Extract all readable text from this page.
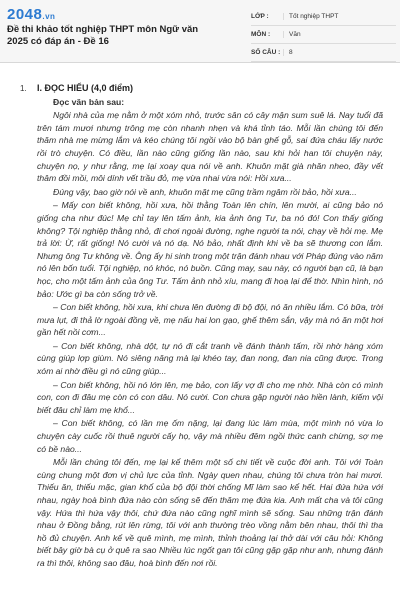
2048.vn
Đề thi khảo tốt nghiệp THPT môn Ngữ văn 2025 có đáp án - Đề 16
LỚP :	Tốt nghiệp THPT
MÔN :	Văn
SỐ CÂU :	8
1. I. ĐỌC HIỂU (4,0 điểm)

Đọc văn bản sau:

Ngôi nhà của mẹ nằm ở một xóm nhỏ, trước sân có cây mận sum suê lá. Nay tuổi đã trên tám mươi nhưng trông mẹ còn nhanh nhẹn và khá tỉnh táo. Mỗi lần chúng tôi đến thăm nhà mẹ mừng lắm và kéo chúng tôi ngồi vào bộ bàn ghế gỗ, sai đứa cháu lấy nước rồi trò chuyện. Có điều, lần nào cũng giống lần nào, sau khi hỏi han tôi chuyện này, chuyện nọ, y như rằng, mẹ lại xoay qua nói về anh. Khuôn mặt già nhăn nheo, đầy vết thâm đồi mồi, môi dính vết trầu đỏ, mẹ vừa nhai vừa nói: Hồi xưa...

Đúng vậy, bao giờ nói về anh, khuôn mặt mẹ cũng trầm ngâm rồi bảo, hồi xưa...

– Mấy con biết không, hồi xưa, hồi thằng Toàn lên chín, lên mười, ai cũng bảo nó giống cha như đúc! Mẹ chỉ tay lên tấm ảnh, kia ảnh ông Tư, ba nó đó! Con thấy giống không? Tội nghiệp thằng nhỏ, đi chơi ngoài đường, nghe người ta nói, chạy về hỏi mẹ. Mẹ trả lời: Ừ, rất giống! Nó cười và nó dạ. Nó bảo, nhất định khi về ba sẽ thương con lắm. Nhưng ông Tư không về. Ông ấy hi sinh trong một trận đánh nhau với Pháp đúng vào năm nó lên bốn tuổi. Tội nghiệp, nó khóc, nó buồn. Cũng may, sau này, có người bạn cũ, là bạn học, cho một tấm ảnh của ông Tư. Tấm ảnh nhỏ xíu, mang đi hoạ lại để thờ. Nhìn hình, nó bảo: Ước gì ba còn sống trở về.

– Con biết không, hồi xưa, khi chưa lên đường đi bộ đội, nó ăn nhiều lắm. Có bữa, trời mưa lụt, đi thả lờ ngoài đồng về, mẹ nấu hai lon gạo, ghế thêm sắn, vậy mà nó ăn một hơi gần hết nồi cơm...

– Con biết không, nhà dột, tự nó đi cắt tranh về đánh thành tấm, rồi nhờ hàng xóm cùng giúp lợp giùm. Nó siêng năng mà lại khéo tay, đan nong, đan nia cũng được. Trong xóm ai nhờ điều gì nó cũng giúp...

– Con biết không, hồi nó lớn lên, mẹ bảo, con lấy vợ đi cho mẹ nhờ. Nhà còn có mình con, con đi đâu mẹ còn có con dâu. Nó cười. Con chưa gặp người nào hiền lành, kiếm vội biết đâu chỉ làm mẹ khổ...

– Con biết không, có lần mẹ ốm nặng, lại đang lúc làm mùa, một mình nó vừa lo chuyện cày cuốc rồi thuê người cấy họ, vậy mà nhiều đêm ngồi thức canh chừng, sợ mẹ có bề nào...

Mỗi lần chúng tôi đến, mẹ lại kể thêm một số chi tiết về cuộc đời anh. Tôi với Toàn cùng chung một đơn vị chủ lực của tỉnh. Ngày quen nhau, chúng tôi chưa tròn hai mươi. Thiếu ăn, thiếu mặc, gian khổ của bộ đội thời chống Mĩ làm sao kể hết. Hai đứa hứa với nhau, ngày hoà bình đứa nào còn sống sẽ đến thăm mẹ đứa kia. Anh mất cha và tôi cũng vậy. Hứa thì hứa vậy thôi, chứ đứa nào cũng nghĩ mình sẽ sống. Sau những trận đánh nhau ở Đồng bằng, rút lên rừng, tôi với anh thường trèo vồng nằm bên nhau, thôi thì tha hồ đủ chuyện. Anh kể về quê mình, mẹ mình, thỉnh thoảng lại thở dài với câu hỏi: Không biết bây giờ bà cụ ở quê ra sao Nhiều lúc ngốt gan tôi cũng gặp gặp như anh, nhưng đánh ra thì thôi, không sao đâu, hoà bình đến nơi rồi.
